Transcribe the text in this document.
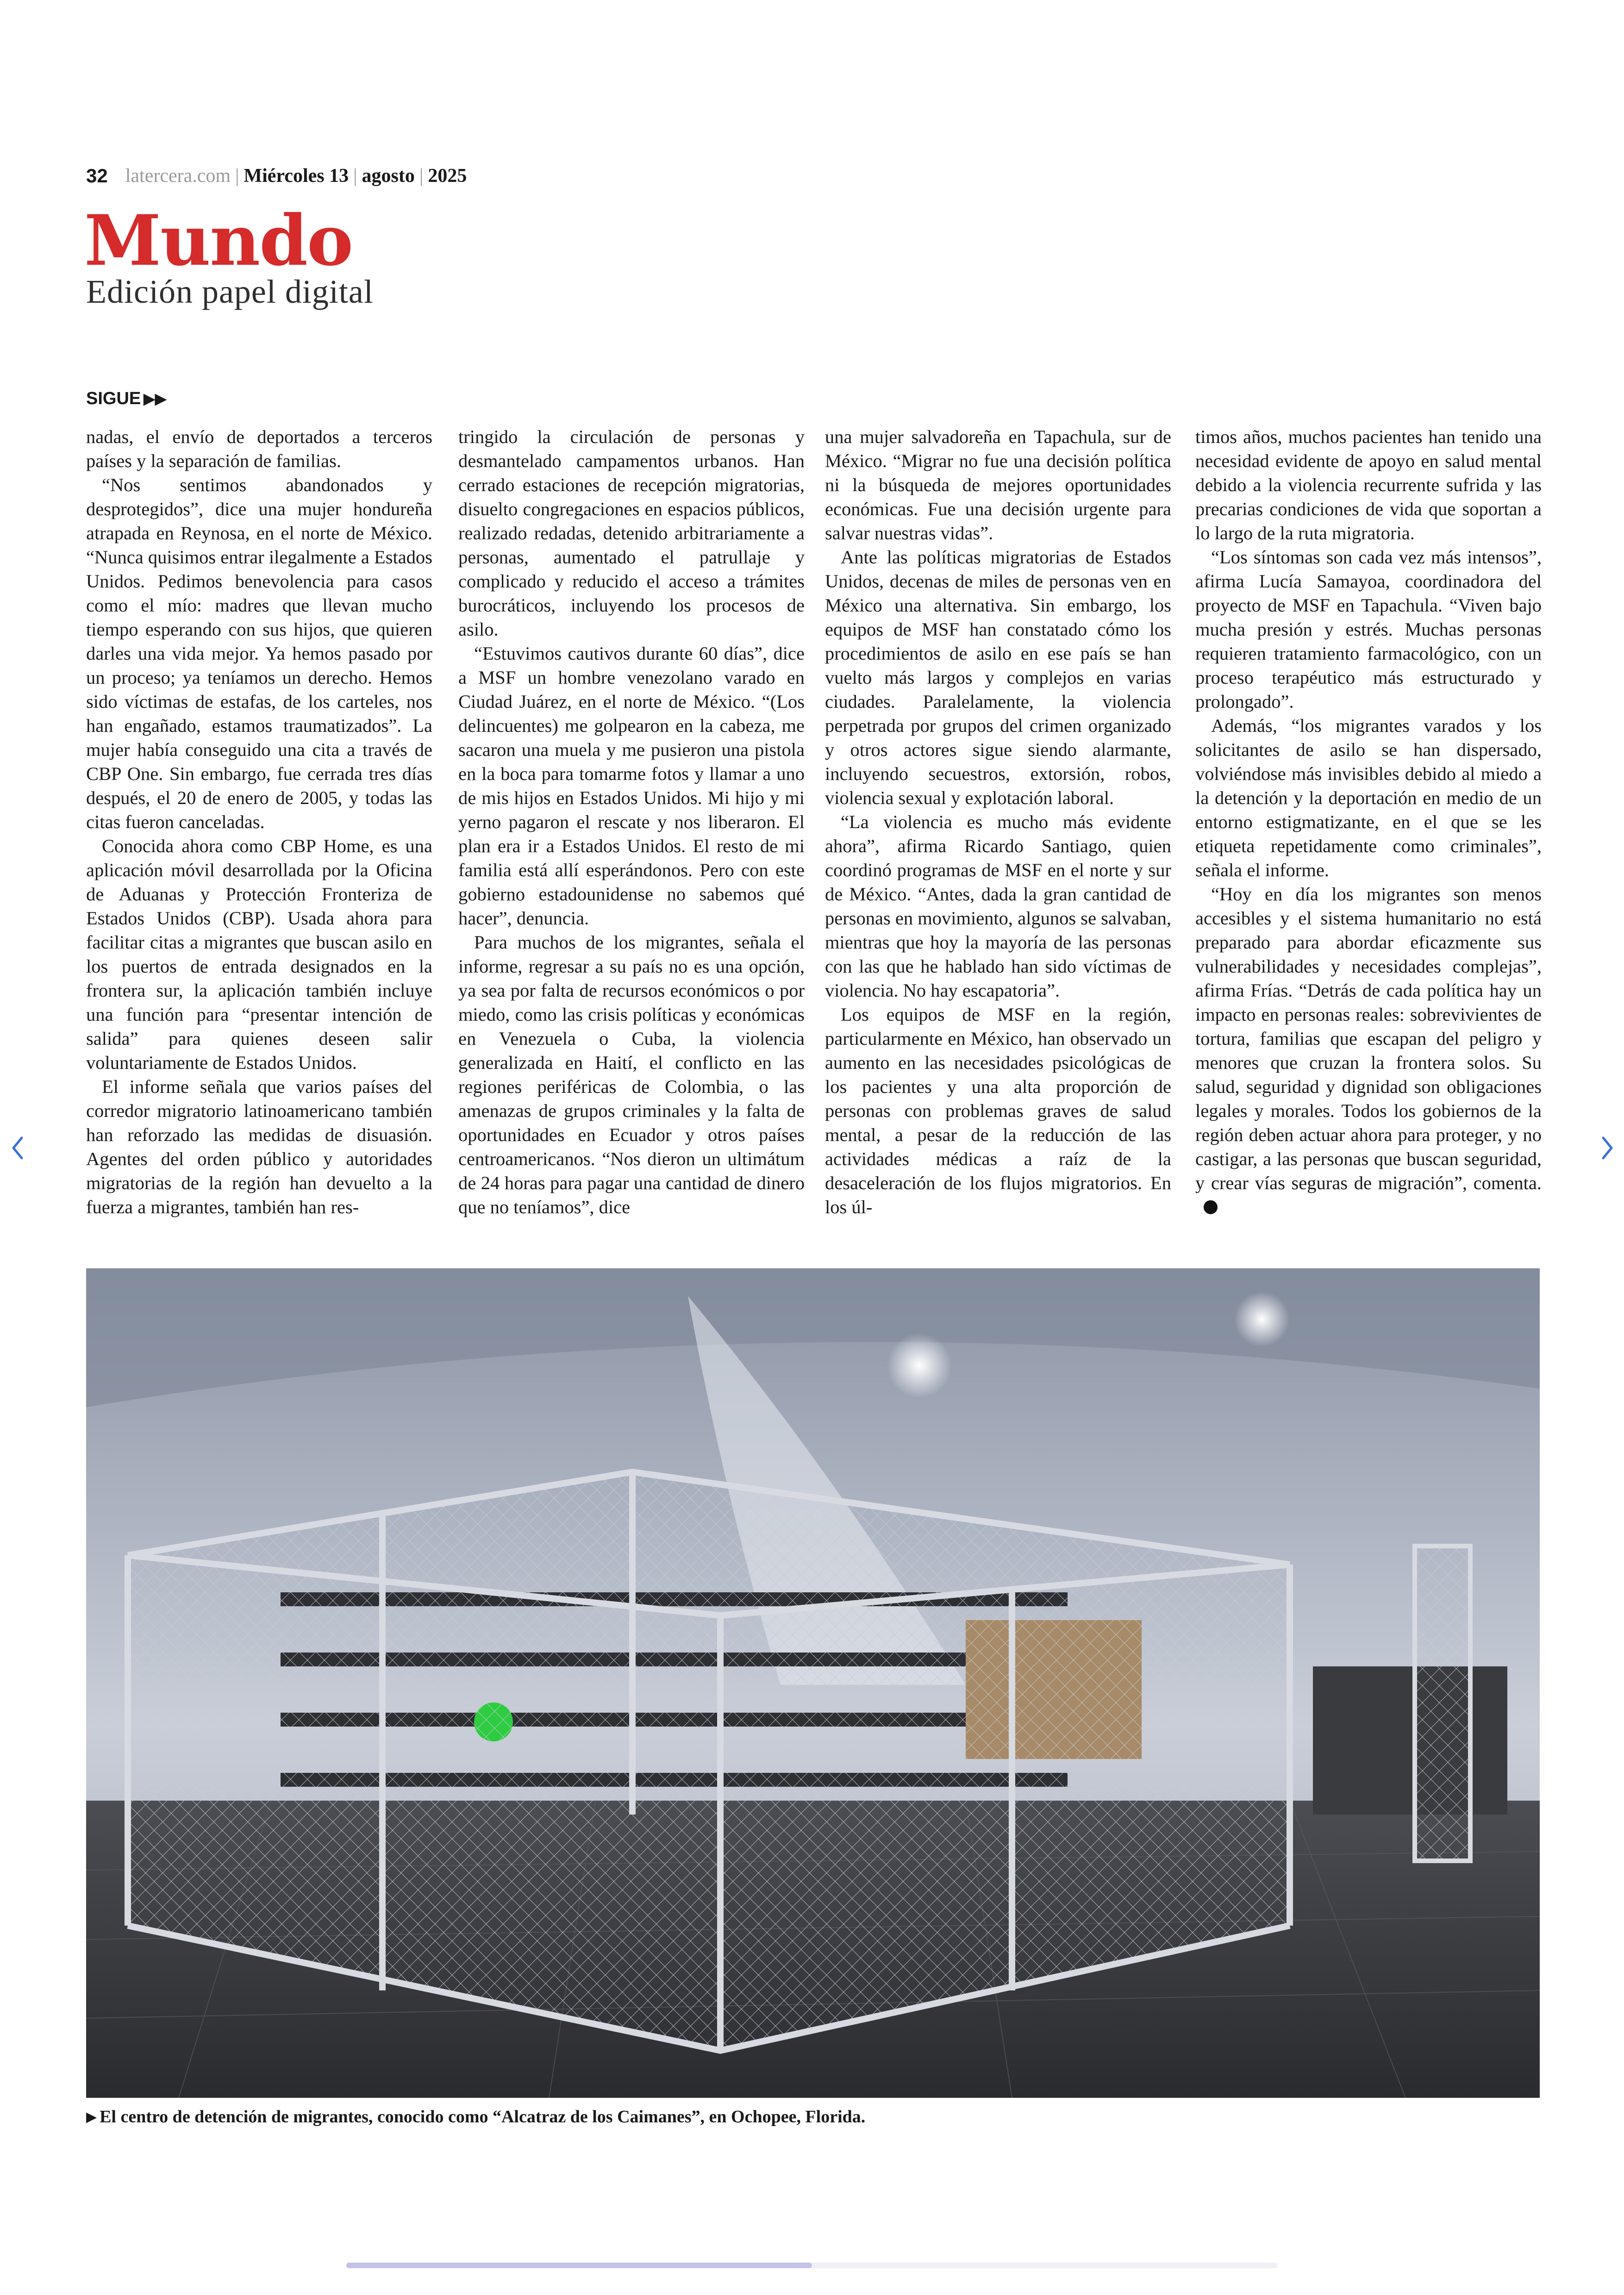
32 latercera.com | Miércoles 13 | agosto | 2025
Mundo
Edición papel digital
SIGUE ▶▶

nadas, el envío de deportados a terceros países y la separación de familias.

“Nos sentimos abandonados y desprotegidos”, dice una mujer hondureña atrapada en Reynosa, en el norte de México. “Nunca quisimos entrar ilegalmente a Estados Unidos. Pedimos benevolencia para casos como el mío: madres que llevan mucho tiempo esperando con sus hijos, que quieren darles una vida mejor. Ya hemos pasado por un proceso; ya teníamos un derecho. Hemos sido víctimas de estafas, de los carteles, nos han engañado, estamos traumatizados”. La mujer había conseguido una cita a través de CBP One. Sin embargo, fue cerrada tres días después, el 20 de enero de 2005, y todas las citas fueron canceladas.

Conocida ahora como CBP Home, es una aplicación móvil desarrollada por la Oficina de Aduanas y Protección Fronteriza de Estados Unidos (CBP). Usada ahora para facilitar citas a migrantes que buscan asilo en los puertos de entrada designados en la frontera sur, la aplicación también incluye una función para “presentar intención de salida” para quienes deseen salir voluntariamente de Estados Unidos.

El informe señala que varios países del corredor migratorio latinoamericano también han reforzado las medidas de disuasión. Agentes del orden público y autoridades migratorias de la región han devuelto a la fuerza a migrantes, también han res-

tringido la circulación de personas y desmantelado campamentos urbanos. Han cerrado estaciones de recepción migratorias, disuelto congregaciones en espacios públicos, realizado redadas, detenido arbitrariamente a personas, aumentado el patrullaje y complicado y reducido el acceso a trámites burocráticos, incluyendo los procesos de asilo.

“Estuvimos cautivos durante 60 días”, dice a MSF un hombre venezolano varado en Ciudad Juárez, en el norte de México. “(Los delincuentes) me golpearon en la cabeza, me sacaron una muela y me pusieron una pistola en la boca para tomarme fotos y llamar a uno de mis hijos en Estados Unidos. Mi hijo y mi yerno pagaron el rescate y nos liberaron. El plan era ir a Estados Unidos. El resto de mi familia está allí esperándonos. Pero con este gobierno estadounidense no sabemos qué hacer”, denuncia.

Para muchos de los migrantes, señala el informe, regresar a su país no es una opción, ya sea por falta de recursos económicos o por miedo, como las crisis políticas y económicas en Venezuela o Cuba, la violencia generalizada en Haití, el conflicto en las regiones periféricas de Colombia, o las amenazas de grupos criminales y la falta de oportunidades en Ecuador y otros países centroamericanos. “Nos dieron un ultimátum de 24 horas para pagar una cantidad de dinero que no teníamos”, dice

una mujer salvadoreña en Tapachula, sur de México. “Migrar no fue una decisión política ni la búsqueda de mejores oportunidades económicas. Fue una decisión urgente para salvar nuestras vidas”.

Ante las políticas migratorias de Estados Unidos, decenas de miles de personas ven en México una alternativa. Sin embargo, los equipos de MSF han constatado cómo los procedimientos de asilo en ese país se han vuelto más largos y complejos en varias ciudades. Paralelamente, la violencia perpetrada por grupos del crimen organizado y otros actores sigue siendo alarmante, incluyendo secuestros, extorsión, robos, violencia sexual y explotación laboral.

“La violencia es mucho más evidente ahora”, afirma Ricardo Santiago, quien coordinó programas de MSF en el norte y sur de México. “Antes, dada la gran cantidad de personas en movimiento, algunos se salvaban, mientras que hoy la mayoría de las personas con las que he hablado han sido víctimas de violencia. No hay escapatoria”.

Los equipos de MSF en la región, particularmente en México, han observado un aumento en las necesidades psicológicas de los pacientes y una alta proporción de personas con problemas graves de salud mental, a pesar de la reducción de las actividades médicas a raíz de la desaceleración de los flujos migratorios. En los úl-

timos años, muchos pacientes han tenido una necesidad evidente de apoyo en salud mental debido a la violencia recurrente sufrida y las precarias condiciones de vida que soportan a lo largo de la ruta migratoria.

“Los síntomas son cada vez más intensos”, afirma Lucía Samayoa, coordinadora del proyecto de MSF en Tapachula. “Viven bajo mucha presión y estrés. Muchas personas requieren tratamiento farmacológico, con un proceso terapéutico más estructurado y prolongado”.

Además, “los migrantes varados y los solicitantes de asilo se han dispersado, volviéndose más invisibles debido al miedo a la detención y la deportación en medio de un entorno estigmatizante, en el que se les etiqueta repetidamente como criminales”, señala el informe.

“Hoy en día los migrantes son menos accesibles y el sistema humanitario no está preparado para abordar eficazmente sus vulnerabilidades y necesidades complejas”, afirma Frías. “Detrás de cada política hay un impacto en personas reales: sobrevivientes de tortura, familias que escapan del peligro y menores que cruzan la frontera solos. Su salud, seguridad y dignidad son obligaciones legales y morales. Todos los gobiernos de la región deben actuar ahora para proteger, y no castigar, a las personas que buscan seguridad, y crear vías seguras de migración”, comenta.

▶ El centro de detención de migrantes, conocido como “Alcatraz de los Caimanes”, en Ochopee, Florida.
